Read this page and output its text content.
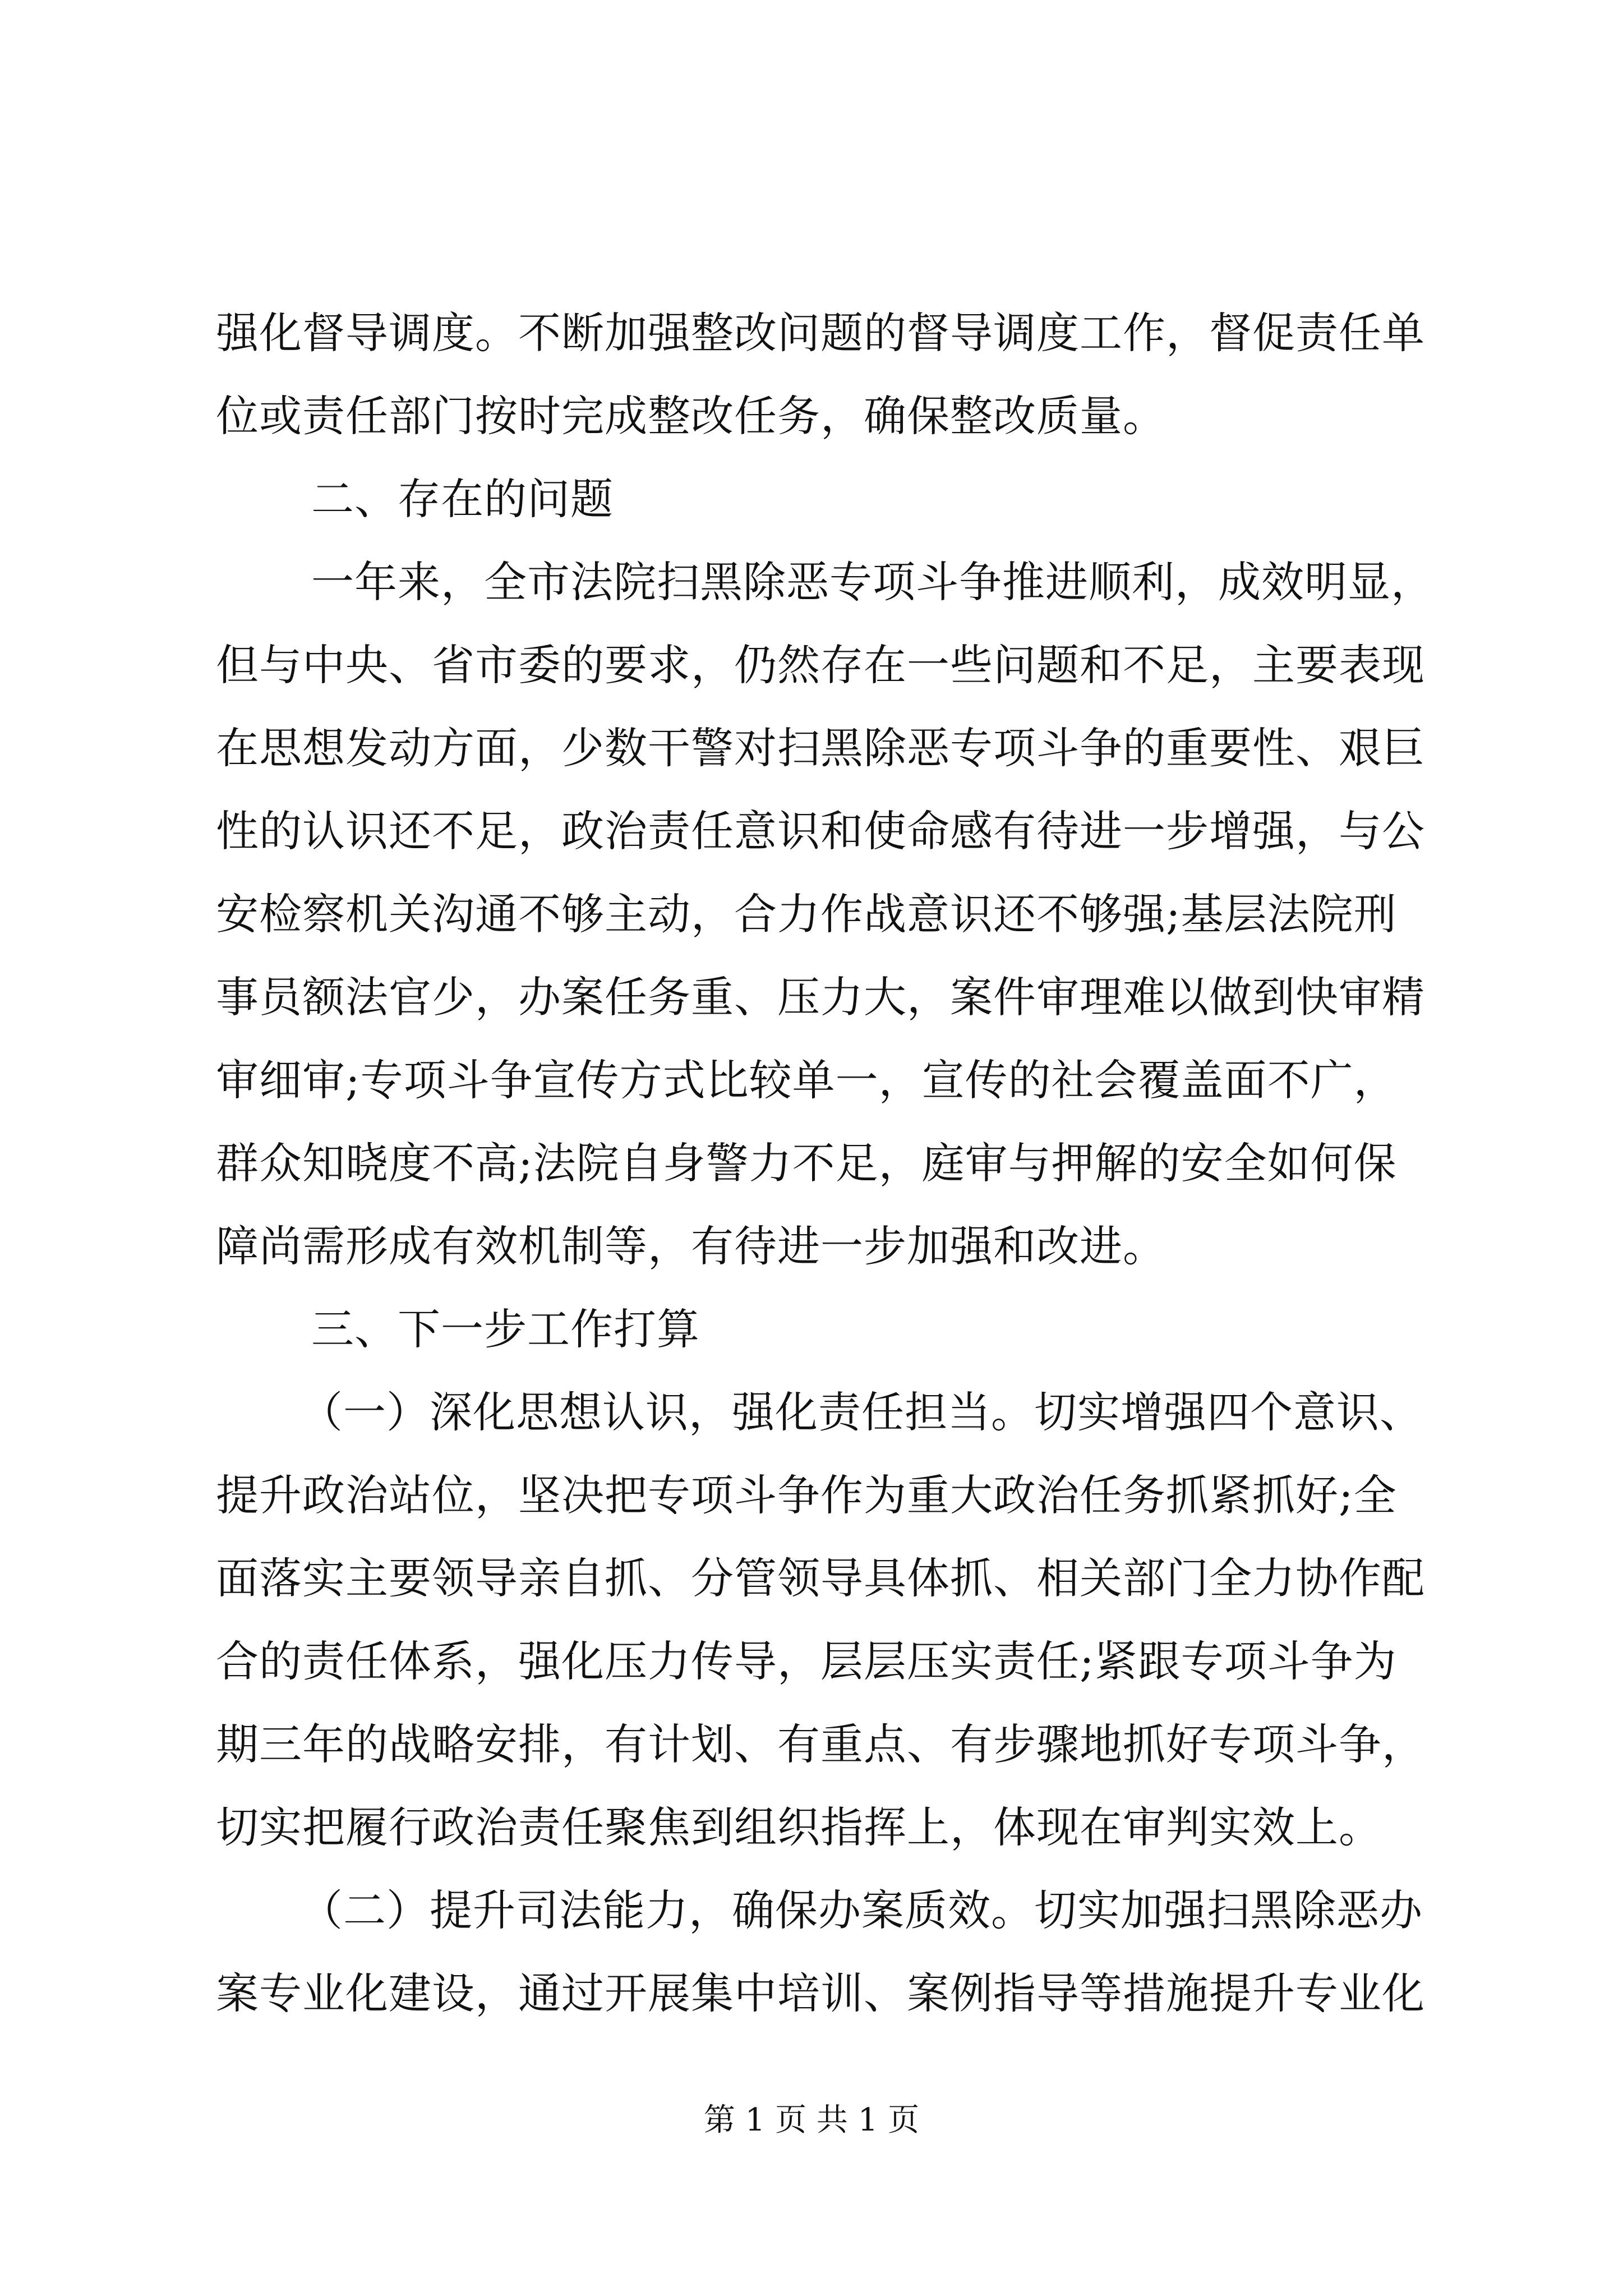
强化督导调度。不断加强整改问题的督导调度工作，督促责任单
位或责任部门按时完成整改任务，确保整改质量。
二、存在的问题
一年来，全市法院扫黑除恶专项斗争推进顺利，成效明显，
但与中央、省市委的要求，仍然存在一些问题和不足，主要表现
在思想发动方面，少数干警对扫黑除恶专项斗争的重要性、艰巨
性的认识还不足，政治责任意识和使命感有待进一步增强，与公
安检察机关沟通不够主动，合力作战意识还不够强;基层法院刑
事员额法官少，办案任务重、压力大，案件审理难以做到快审精
审细审;专项斗争宣传方式比较单一，宣传的社会覆盖面不广，
群众知晓度不高;法院自身警力不足，庭审与押解的安全如何保
障尚需形成有效机制等，有待进一步加强和改进。
三、下一步工作打算
（一）深化思想认识，强化责任担当。切实增强四个意识、
提升政治站位，坚决把专项斗争作为重大政治任务抓紧抓好;全
面落实主要领导亲自抓、分管领导具体抓、相关部门全力协作配
合的责任体系，强化压力传导，层层压实责任;紧跟专项斗争为
期三年的战略安排，有计划、有重点、有步骤地抓好专项斗争，
切实把履行政治责任聚焦到组织指挥上，体现在审判实效上。
（二）提升司法能力，确保办案质效。切实加强扫黑除恶办
案专业化建设，通过开展集中培训、案例指导等措施提升专业化
第 1 页 共 1 页
